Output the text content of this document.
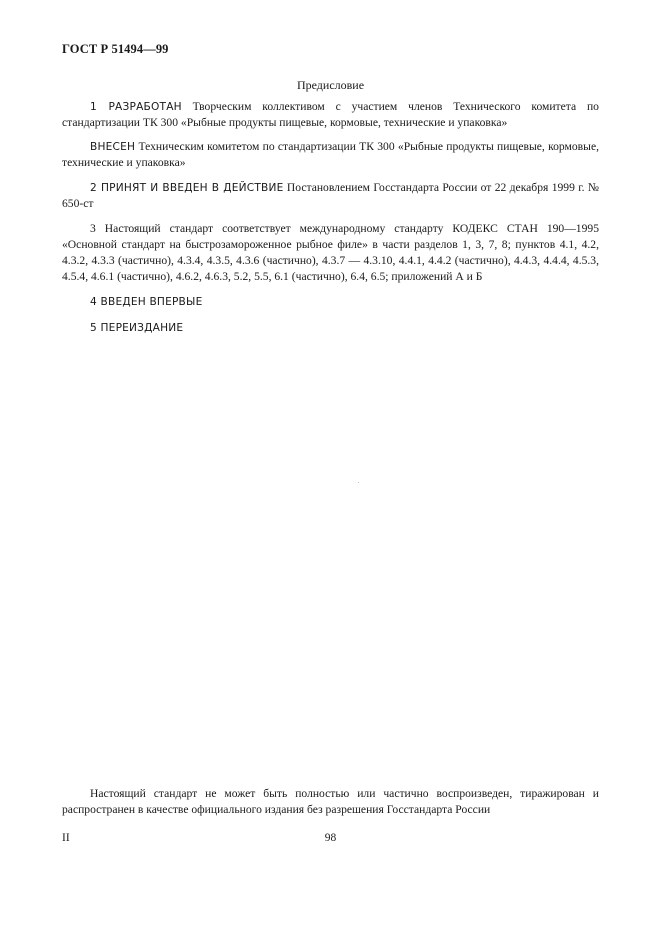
ГОСТ Р 51494—99
Предисловие

1 РАЗРАБОТАН Творческим коллективом с участием членов Технического комитета по стандартизации ТК 300 «Рыбные продукты пищевые, кормовые, технические и упаковка»

ВНЕСЕН Техническим комитетом по стандартизации ТК 300 «Рыбные продукты пищевые, кормовые, технические и упаковка»

2 ПРИНЯТ И ВВЕДЕН В ДЕЙСТВИЕ Постановлением Госстандарта России от 22 декабря 1999 г. № 650-ст

3 Настоящий стандарт соответствует международному стандарту КОДЕКС СТАН 190—1995 «Основной стандарт на быстрозамороженное рыбное филе» в части разделов 1, 3, 7, 8; пунктов 4.1, 4.2, 4.3.2, 4.3.3 (частично), 4.3.4, 4.3.5, 4.3.6 (частично), 4.3.7 — 4.3.10, 4.4.1, 4.4.2 (частично), 4.4.3, 4.4.4, 4.5.3, 4.5.4, 4.6.1 (частично), 4.6.2, 4.6.3, 5.2, 5.5, 6.1 (частично), 6.4, 6.5; приложений А и Б

4 ВВЕДЕН ВПЕРВЫЕ

5 ПЕРЕИЗДАНИЕ

Настоящий стандарт не может быть полностью или частично воспроизведен, тиражирован и распространен в качестве официального издания без разрешения Госстандарта России

II	98
